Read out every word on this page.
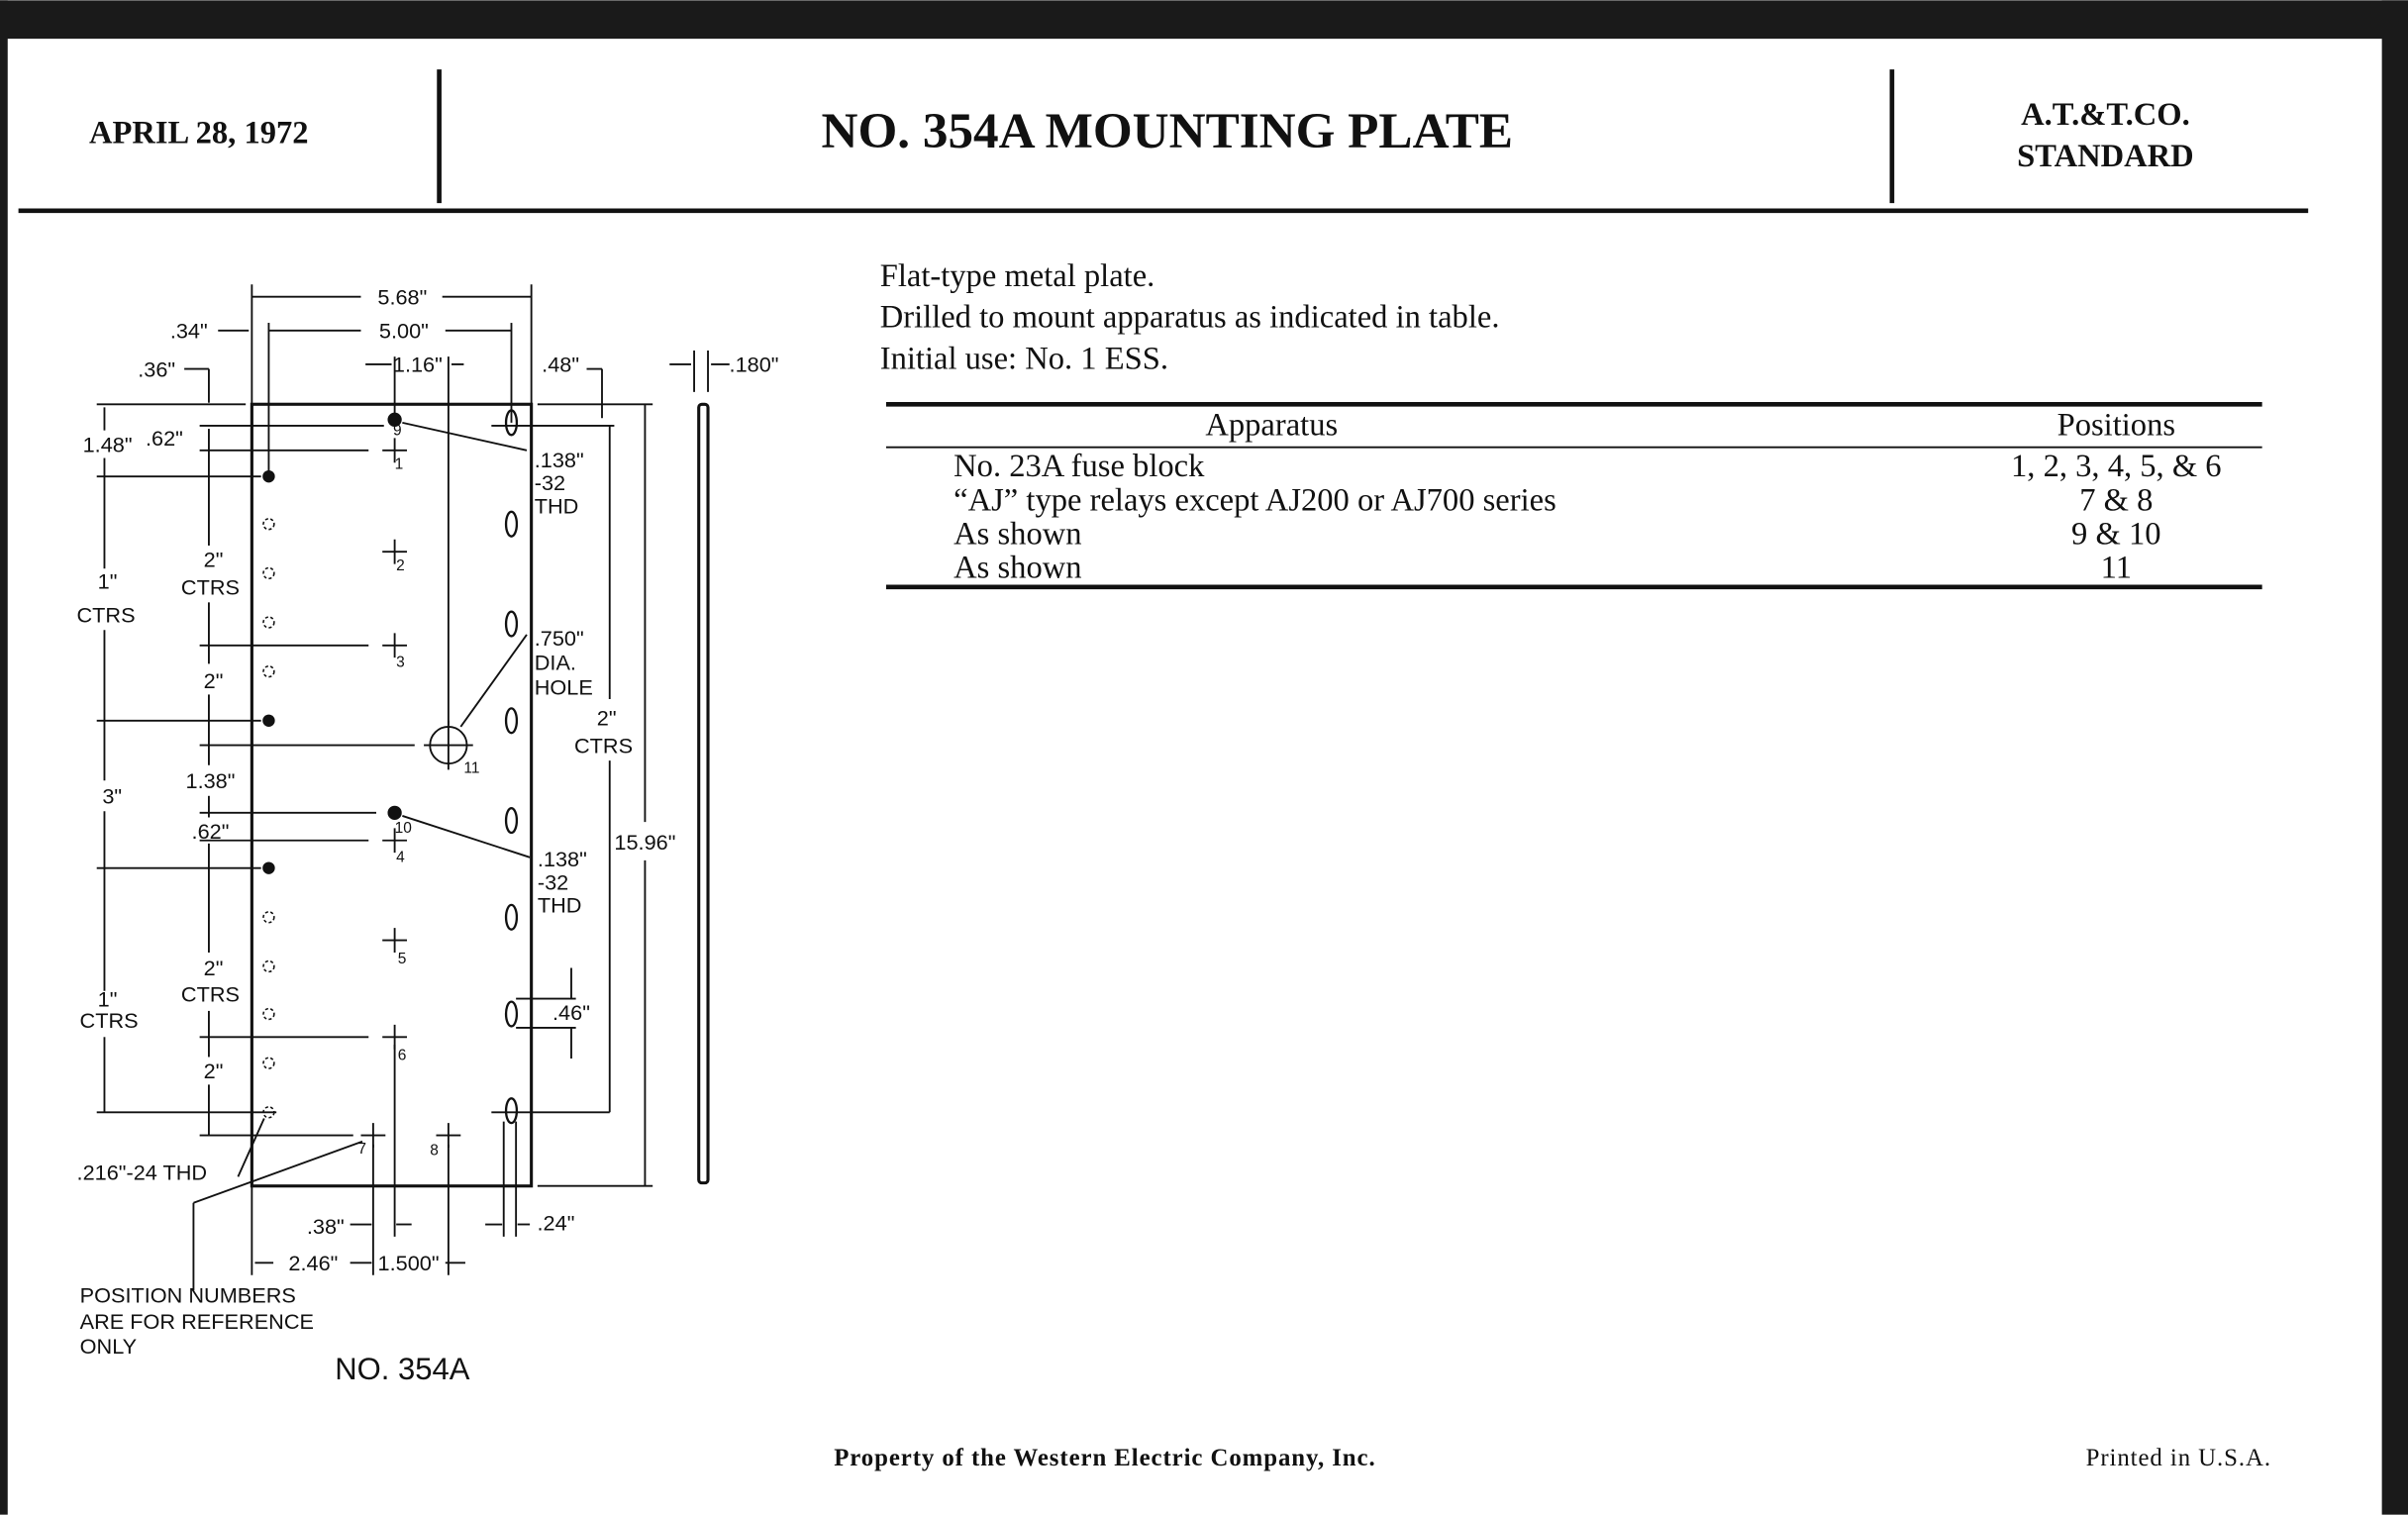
APRIL 28, 1972	NO. 354A MOUNTING PLATE	A.T.&T.CO.
STANDARD
Flat-type metal plate.
Drilled to mount apparatus as indicated in table.
Initial use: No. 1 ESS.
Apparatus	Positions
No. 23A fuse block	1, 2, 3, 4, 5, & 6
“AJ” type relays except AJ200 or AJ700 series	7 & 8
As shown	9 & 10
As shown	11
1
2
3
4
5
6
7	8
9
10
11
5.68"
.34"	5.00"
.36"	1.16"	.48"	.180"
1.48" .62"
.138"
-32
THD
2"
CTRS
1"
CTRS
.750"
DIA.
HOLE
2"
2"
CTRS
1.38"
3"
.62"	15.96"
.138"
-32
THD
2"
CTRS
1"
CTRS	.46"
2"
.216"-24 THD
.38"	.24"
2.46"	1.500"
POSITION NUMBERS
ARE FOR REFERENCE
ONLY
NO. 354A
Property of the Western Electric Company, Inc.	Printed in U.S.A.
